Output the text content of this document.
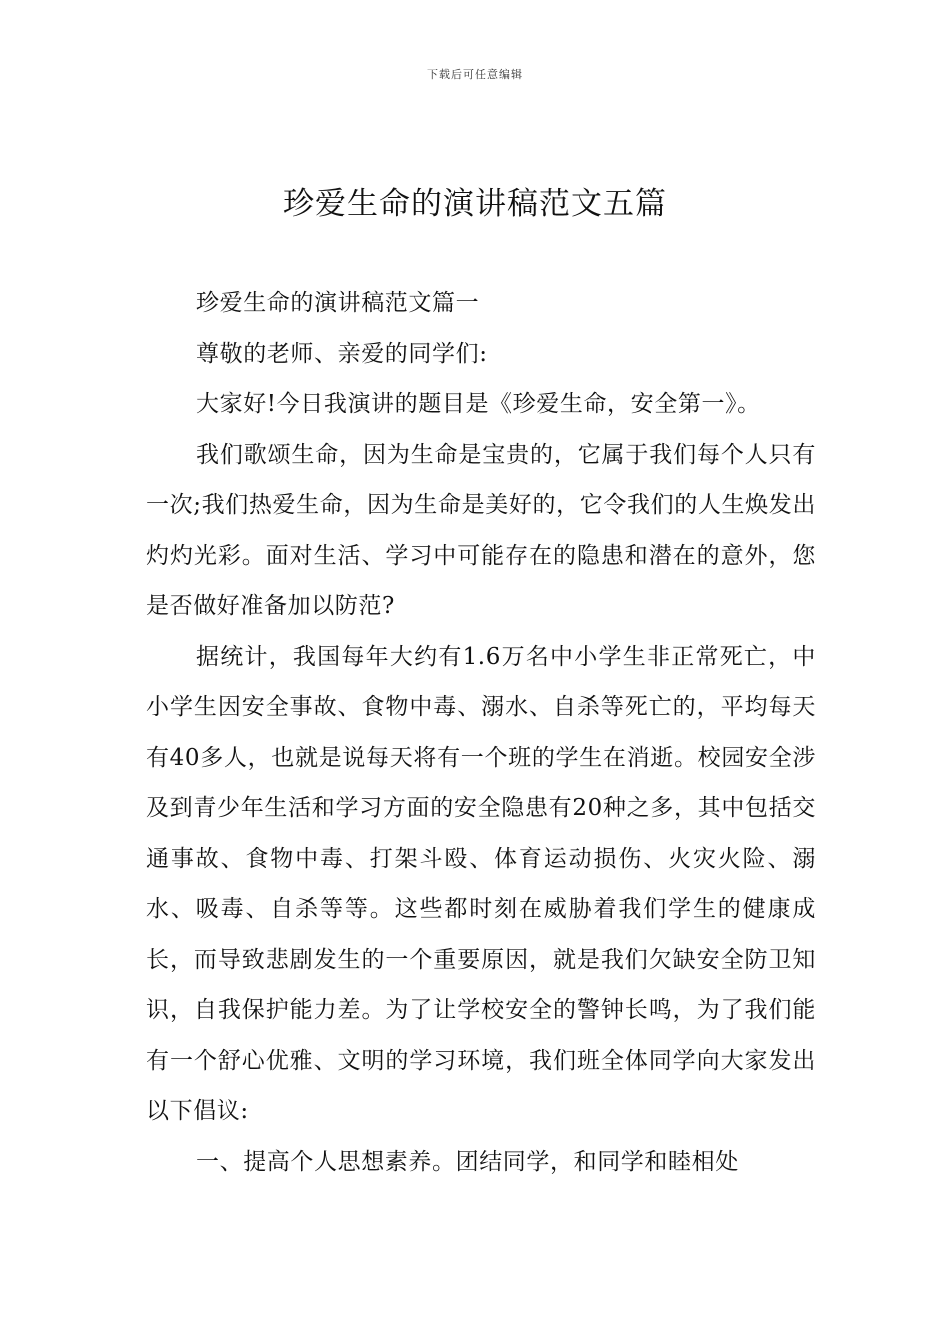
下载后可任意编辑
珍爱生命的演讲稿范文五篇

珍爱生命的演讲稿范文篇一

尊敬的老师、亲爱的同学们:

大家好!今日我演讲的题目是《珍爱生命，安全第一》。

我们歌颂生命，因为生命是宝贵的，它属于我们每个人只有一次;我们热爱生命，因为生命是美好的，它令我们的人生焕发出灼灼光彩。面对生活、学习中可能存在的隐患和潜在的意外，您是否做好准备加以防范?

据统计，我国每年大约有1.6万名中小学生非正常死亡，中小学生因安全事故、食物中毒、溺水、自杀等死亡的，平均每天有40多人，也就是说每天将有一个班的学生在消逝。校园安全涉及到青少年生活和学习方面的安全隐患有20种之多，其中包括交通事故、食物中毒、打架斗殴、体育运动损伤、火灾火险、溺水、吸毒、自杀等等。这些都时刻在威胁着我们学生的健康成长，而导致悲剧发生的一个重要原因，就是我们欠缺安全防卫知识，自我保护能力差。为了让学校安全的警钟长鸣，为了我们能有一个舒心优雅、文明的学习环境，我们班全体同学向大家发出以下倡议:

一、提高个人思想素养。团结同学，和同学和睦相处
